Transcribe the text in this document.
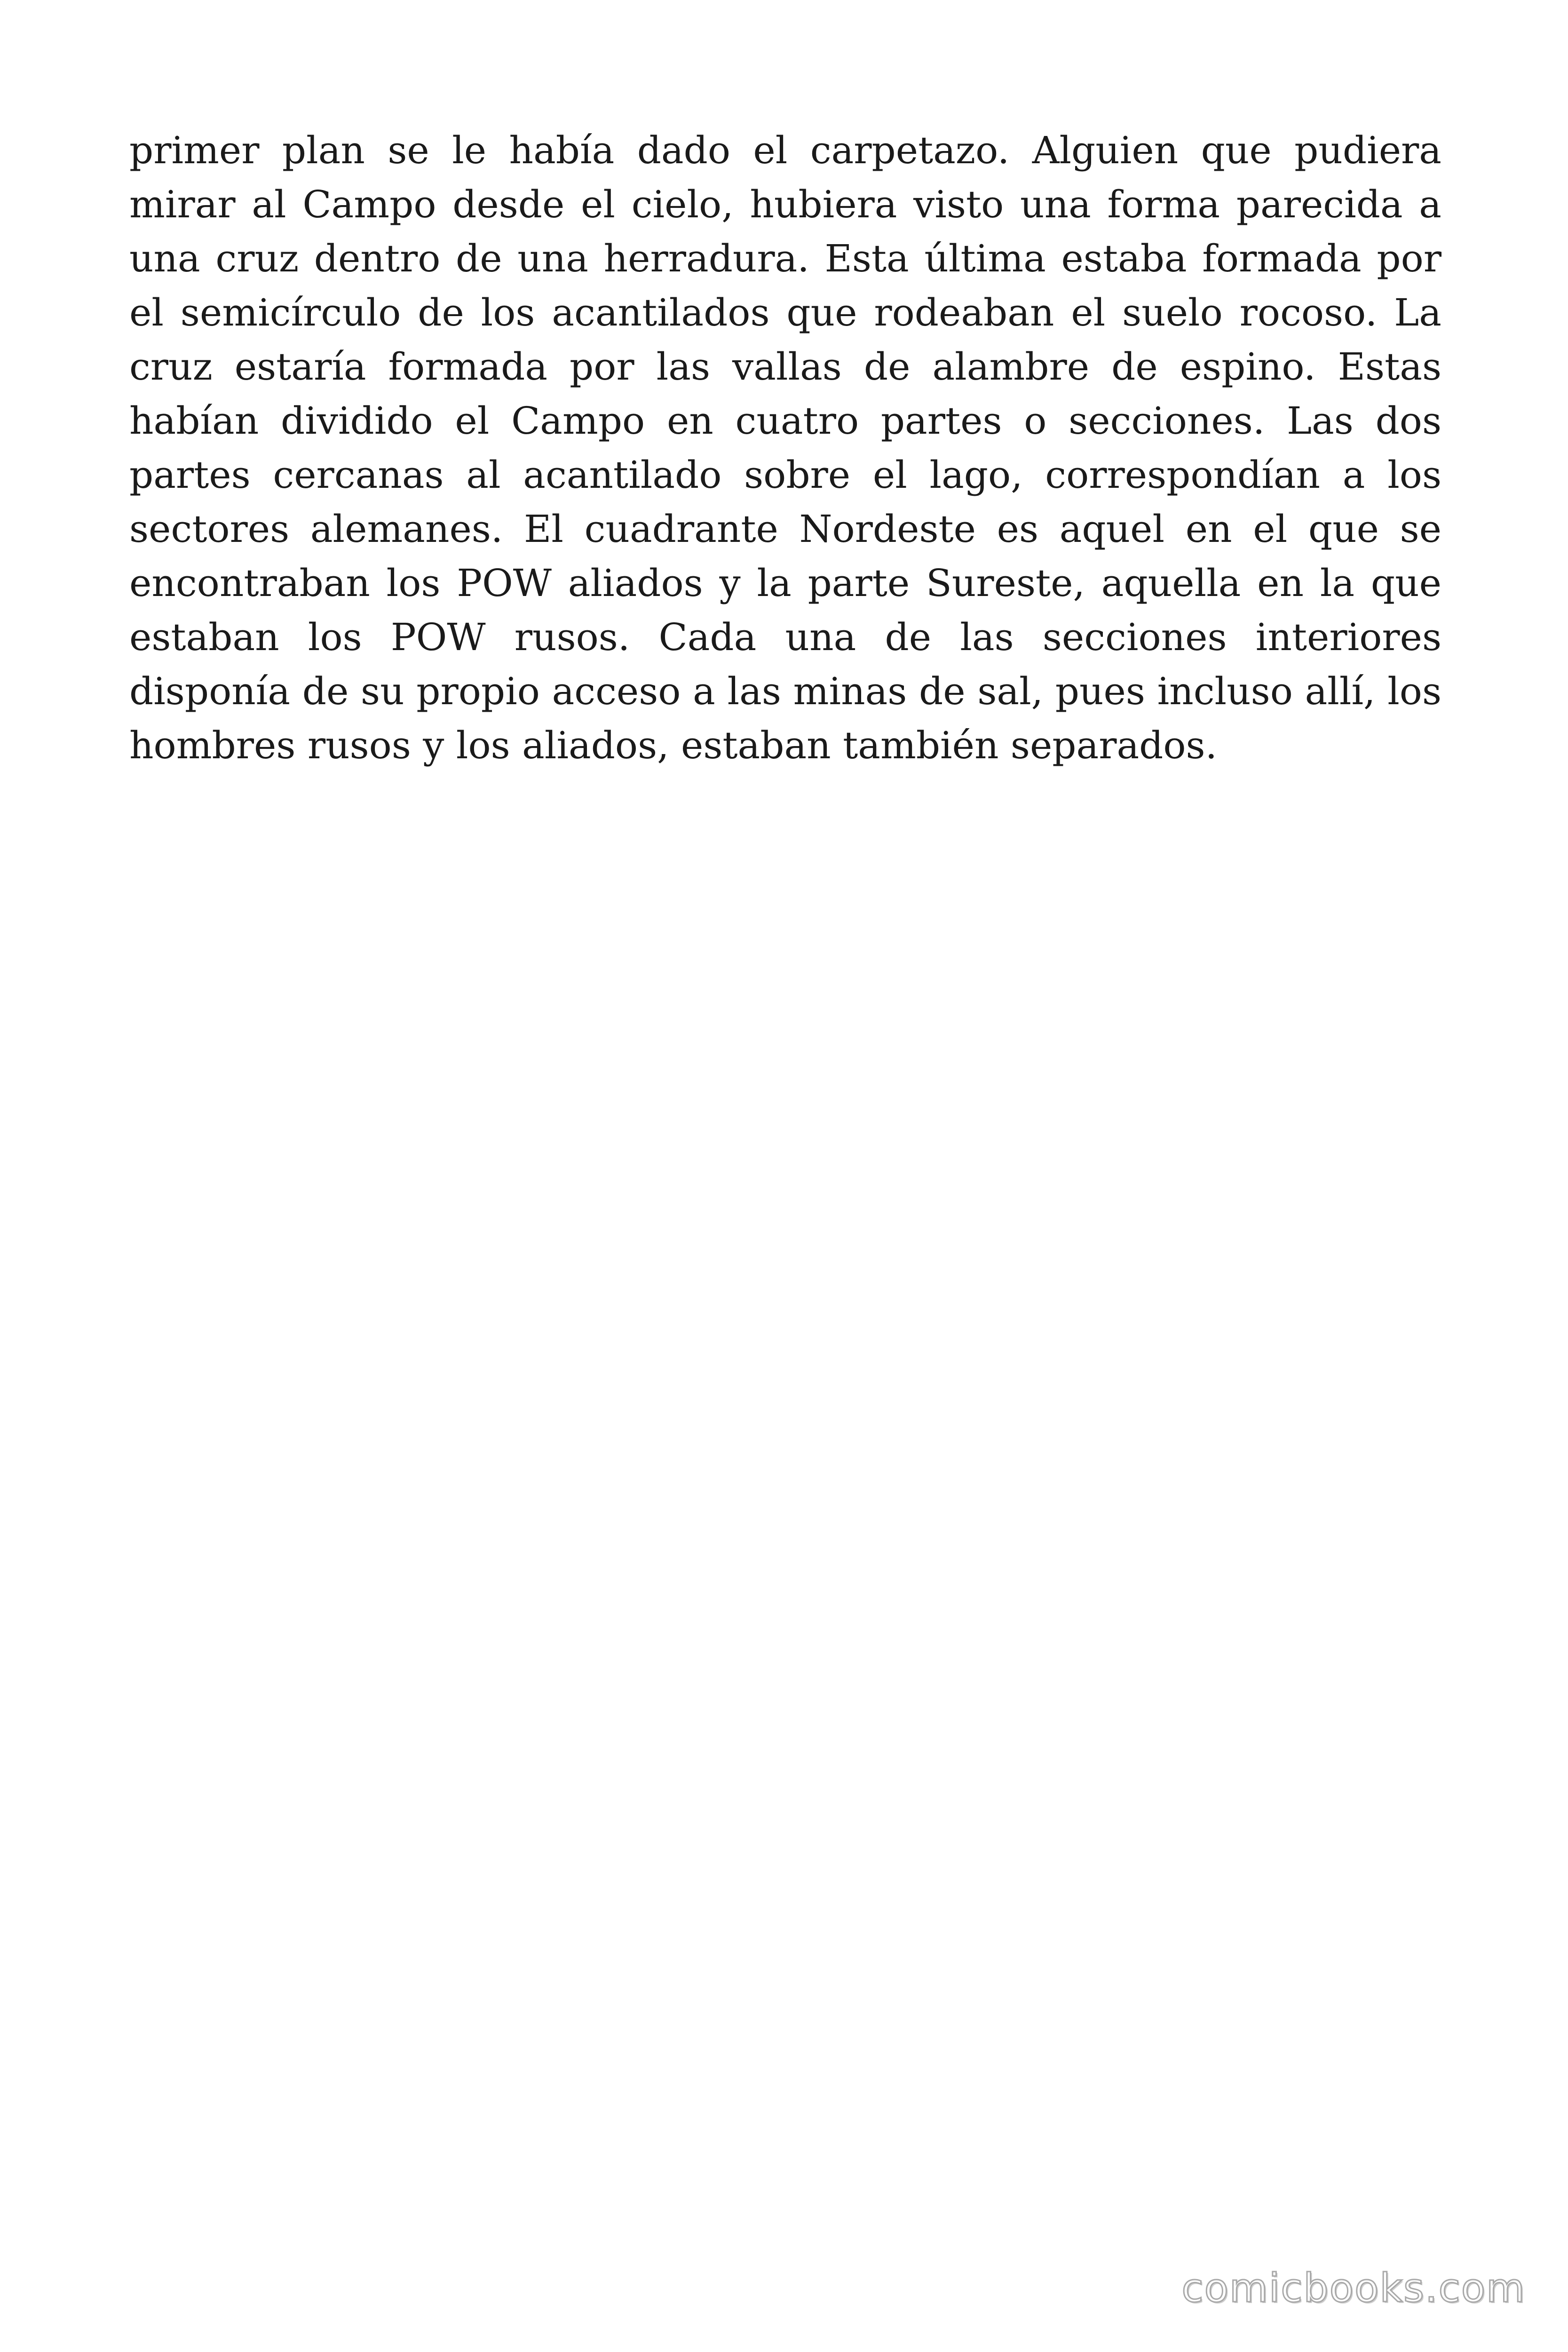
primer plan se le había dado el carpetazo. Alguien que pudiera
mirar al Campo desde el cielo, hubiera visto una forma parecida a
una cruz dentro de una herradura. Esta última estaba formada por
el semicírculo de los acantilados que rodeaban el suelo rocoso. La
cruz estaría formada por las vallas de alambre de espino. Estas
habían dividido el Campo en cuatro partes o secciones. Las dos
partes cercanas al acantilado sobre el lago, correspondían a los
sectores alemanes. El cuadrante Nordeste es aquel en el que se
encontraban los POW aliados y la parte Sureste, aquella en la que
estaban los POW rusos. Cada una de las secciones interiores
disponía de su propio acceso a las minas de sal, pues incluso allí, los
hombres rusos y los aliados, estaban también separados.

comicbooks.com
